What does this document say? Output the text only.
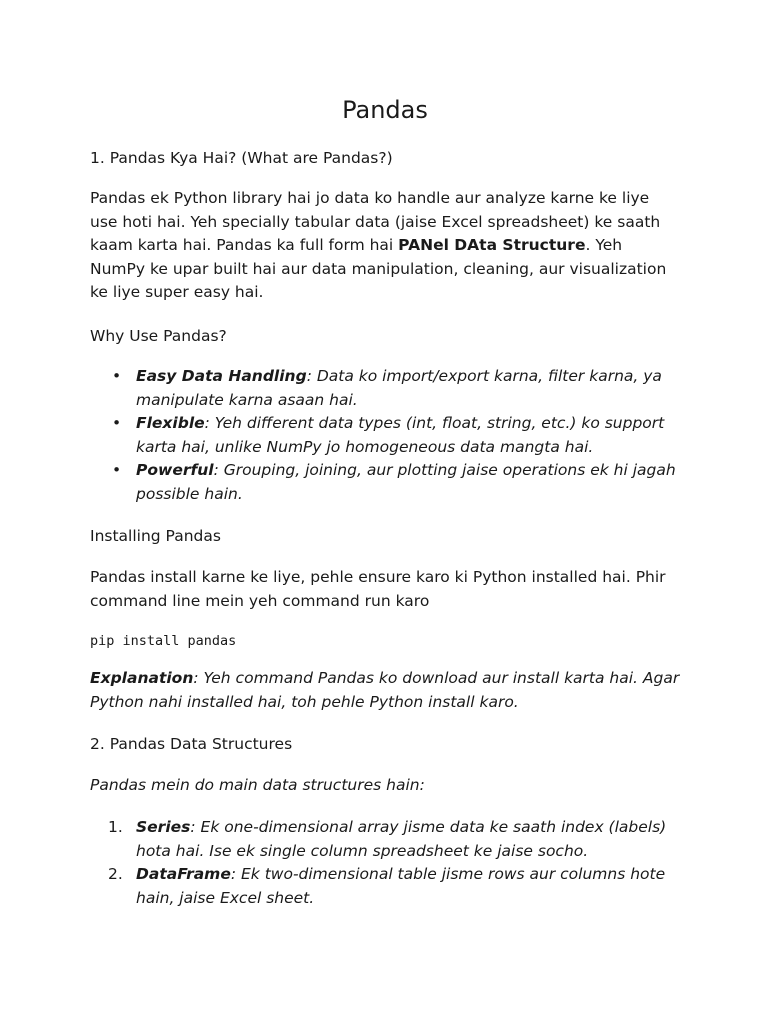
Pandas
1. Pandas Kya Hai? (What are Pandas?)

Pandas ek Python library hai jo data ko handle aur analyze karne ke liye use hoti hai. Yeh specially tabular data (jaise Excel spreadsheet) ke saath kaam karta hai. Pandas ka full form hai PANel DAta Structure. Yeh NumPy ke upar built hai aur data manipulation, cleaning, aur visualization ke liye super easy hai.

Why Use Pandas?
• Easy Data Handling: Data ko import/export karna, filter karna, ya manipulate karna asaan hai.
• Flexible: Yeh different data types (int, float, string, etc.) ko support karta hai, unlike NumPy jo homogeneous data mangta hai.
• Powerful: Grouping, joining, aur plotting jaise operations ek hi jagah possible hain.
Installing Pandas

Pandas install karne ke liye, pehle ensure karo ki Python installed hai. Phir command line mein yeh command run karo

pip install pandas

Explanation: Yeh command Pandas ko download aur install karta hai. Agar Python nahi installed hai, toh pehle Python install karo.

2. Pandas Data Structures

Pandas mein do main data structures hain:

1. Series: Ek one-dimensional array jisme data ke saath index (labels) hota hai. Ise ek single column spreadsheet ke jaise socho.
2. DataFrame: Ek two-dimensional table jisme rows aur columns hote hain, jaise Excel sheet.
